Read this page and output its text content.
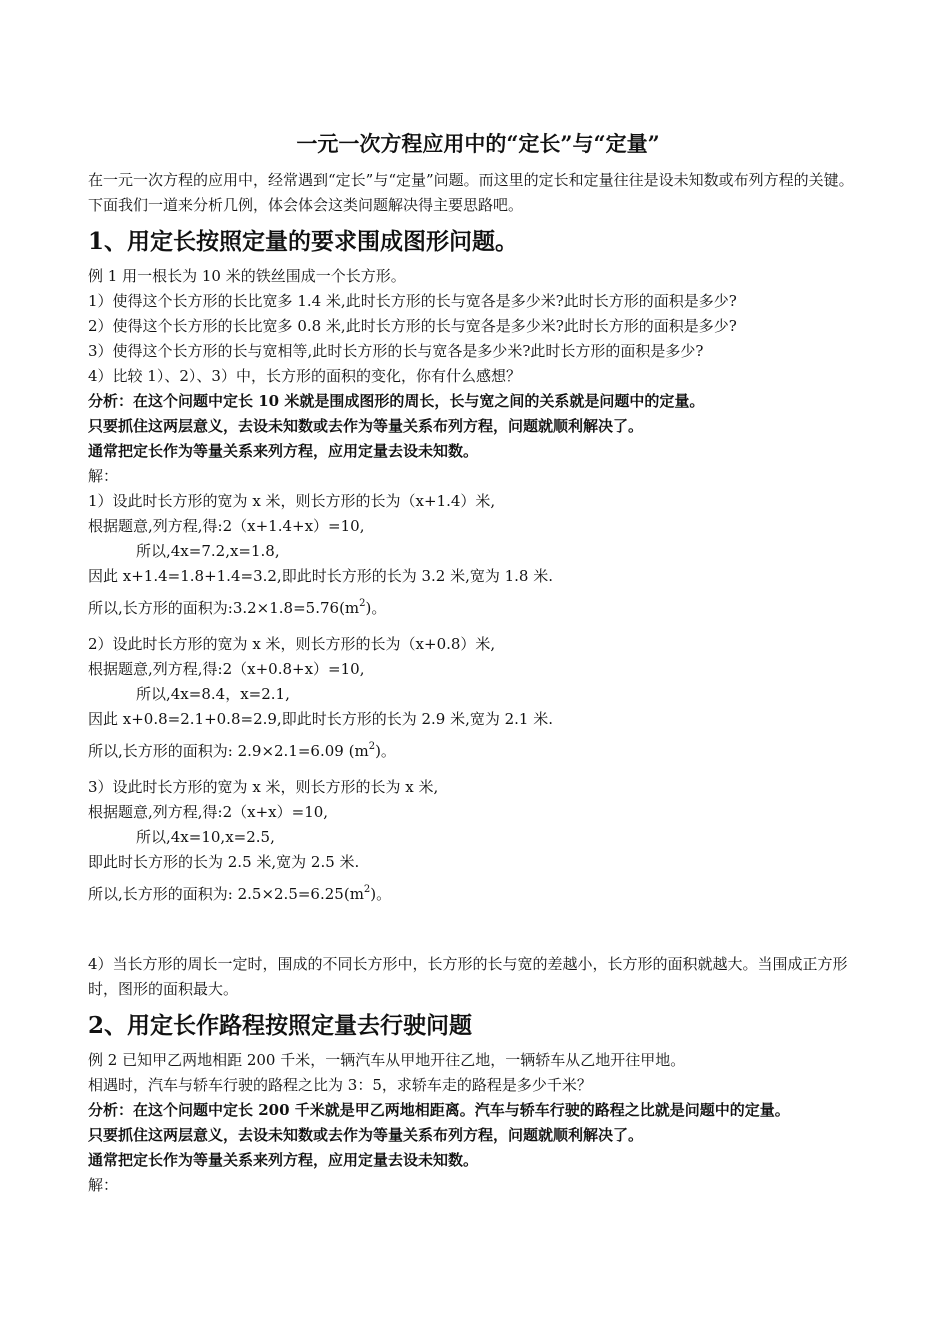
一元一次方程应用中的“定长”与“定量”

在一元一次方程的应用中，经常遇到“定长”与“定量”问题。而这里的定长和定量往往是设未知数或布列方程的关键。下面我们一道来分析几例，体会体会这类问题解决得主要思路吧。

1、用定长按照定量的要求围成图形问题。

例 1 用一根长为 10 米的铁丝围成一个长方形。

1）使得这个长方形的长比宽多 1.4 米,此时长方形的长与宽各是多少米?此时长方形的面积是多少?

2）使得这个长方形的长比宽多 0.8 米,此时长方形的长与宽各是多少米?此时长方形的面积是多少?

3）使得这个长方形的长与宽相等,此时长方形的长与宽各是多少米?此时长方形的面积是多少?

4）比较 1）、2）、3）中，长方形的面积的变化，你有什么感想？

分析：在这个问题中定长 10 米就是围成图形的周长，长与宽之间的关系就是问题中的定量。

只要抓住这两层意义，去设未知数或去作为等量关系布列方程，问题就顺利解决了。

通常把定长作为等量关系来列方程，应用定量去设未知数。

解：

1）设此时长方形的宽为 x 米，则长方形的长为（x+1.4）米,

根据题意,列方程,得:2（x+1.4+x）=10,

所以,4x=7.2,x=1.8,

因此 x+1.4=1.8+1.4=3.2,即此时长方形的长为 3.2 米,宽为 1.8 米.

所以,长方形的面积为$:3.2\times 1.8=5.76(m^2)$。

2）设此时长方形的宽为 x 米，则长方形的长为（x+0.8）米,

根据题意,列方程,得:2（x+0.8+x）=10,

所以,4x=8.4，x=2.1,

因此 x+0.8=2.1+0.8=2.9,即此时长方形的长为 2.9 米,宽为 2.1 米.

所以,长方形的面积为: 2.9×2.1=6.09 $(m^2)$。

3）设此时长方形的宽为 x 米，则长方形的长为 x 米,

根据题意,列方程,得:2（x+x）=10,

所以,4x=10,x=2.5,

即此时长方形的长为 2.5 米,宽为 2.5 米.

所以,长方形的面积为: $2.5\times 2.5=6.25(m^2)$。

4）当长方形的周长一定时，围成的不同长方形中，长方形的长与宽的差越小，长方形的面积就越大。当围成正方形时，图形的面积最大。

2、用定长作路程按照定量去行驶问题

例 2 已知甲乙两地相距 200 千米，一辆汽车从甲地开往乙地，一辆轿车从乙地开往甲地。

相遇时，汽车与轿车行驶的路程之比为 3：5，求轿车走的路程是多少千米？

分析：在这个问题中定长 200 千米就是甲乙两地相距离。汽车与轿车行驶的路程之比就是问题中的定量。

只要抓住这两层意义，去设未知数或去作为等量关系布列方程，问题就顺利解决了。

通常把定长作为等量关系来列方程，应用定量去设未知数。

解：
